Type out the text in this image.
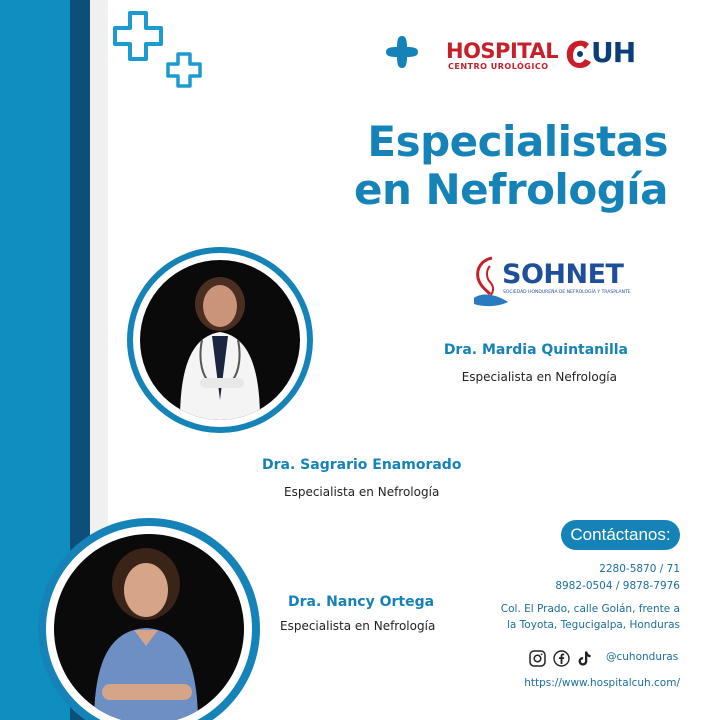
HOSPITAL
CENTRO UROLÓGICO UH
Especialistas
en Nefrología
SOHNET
SOCIEDAD HONDUREÑA DE NEFROLOGÍA Y TRASPLANTE
Dra. Mardia Quintanilla
Especialista en Nefrología
Dra. Sagrario Enamorado
Especialista en Nefrología
Dra. Nancy Ortega
Especialista en Nefrología
Contáctanos:
2280-5870 / 71
8982-0504 / 9878-7976
Col. El Prado, calle Golán, frente a
la Toyota, Tegucigalpa, Honduras
@cuhonduras
https://www.hospitalcuh.com/
